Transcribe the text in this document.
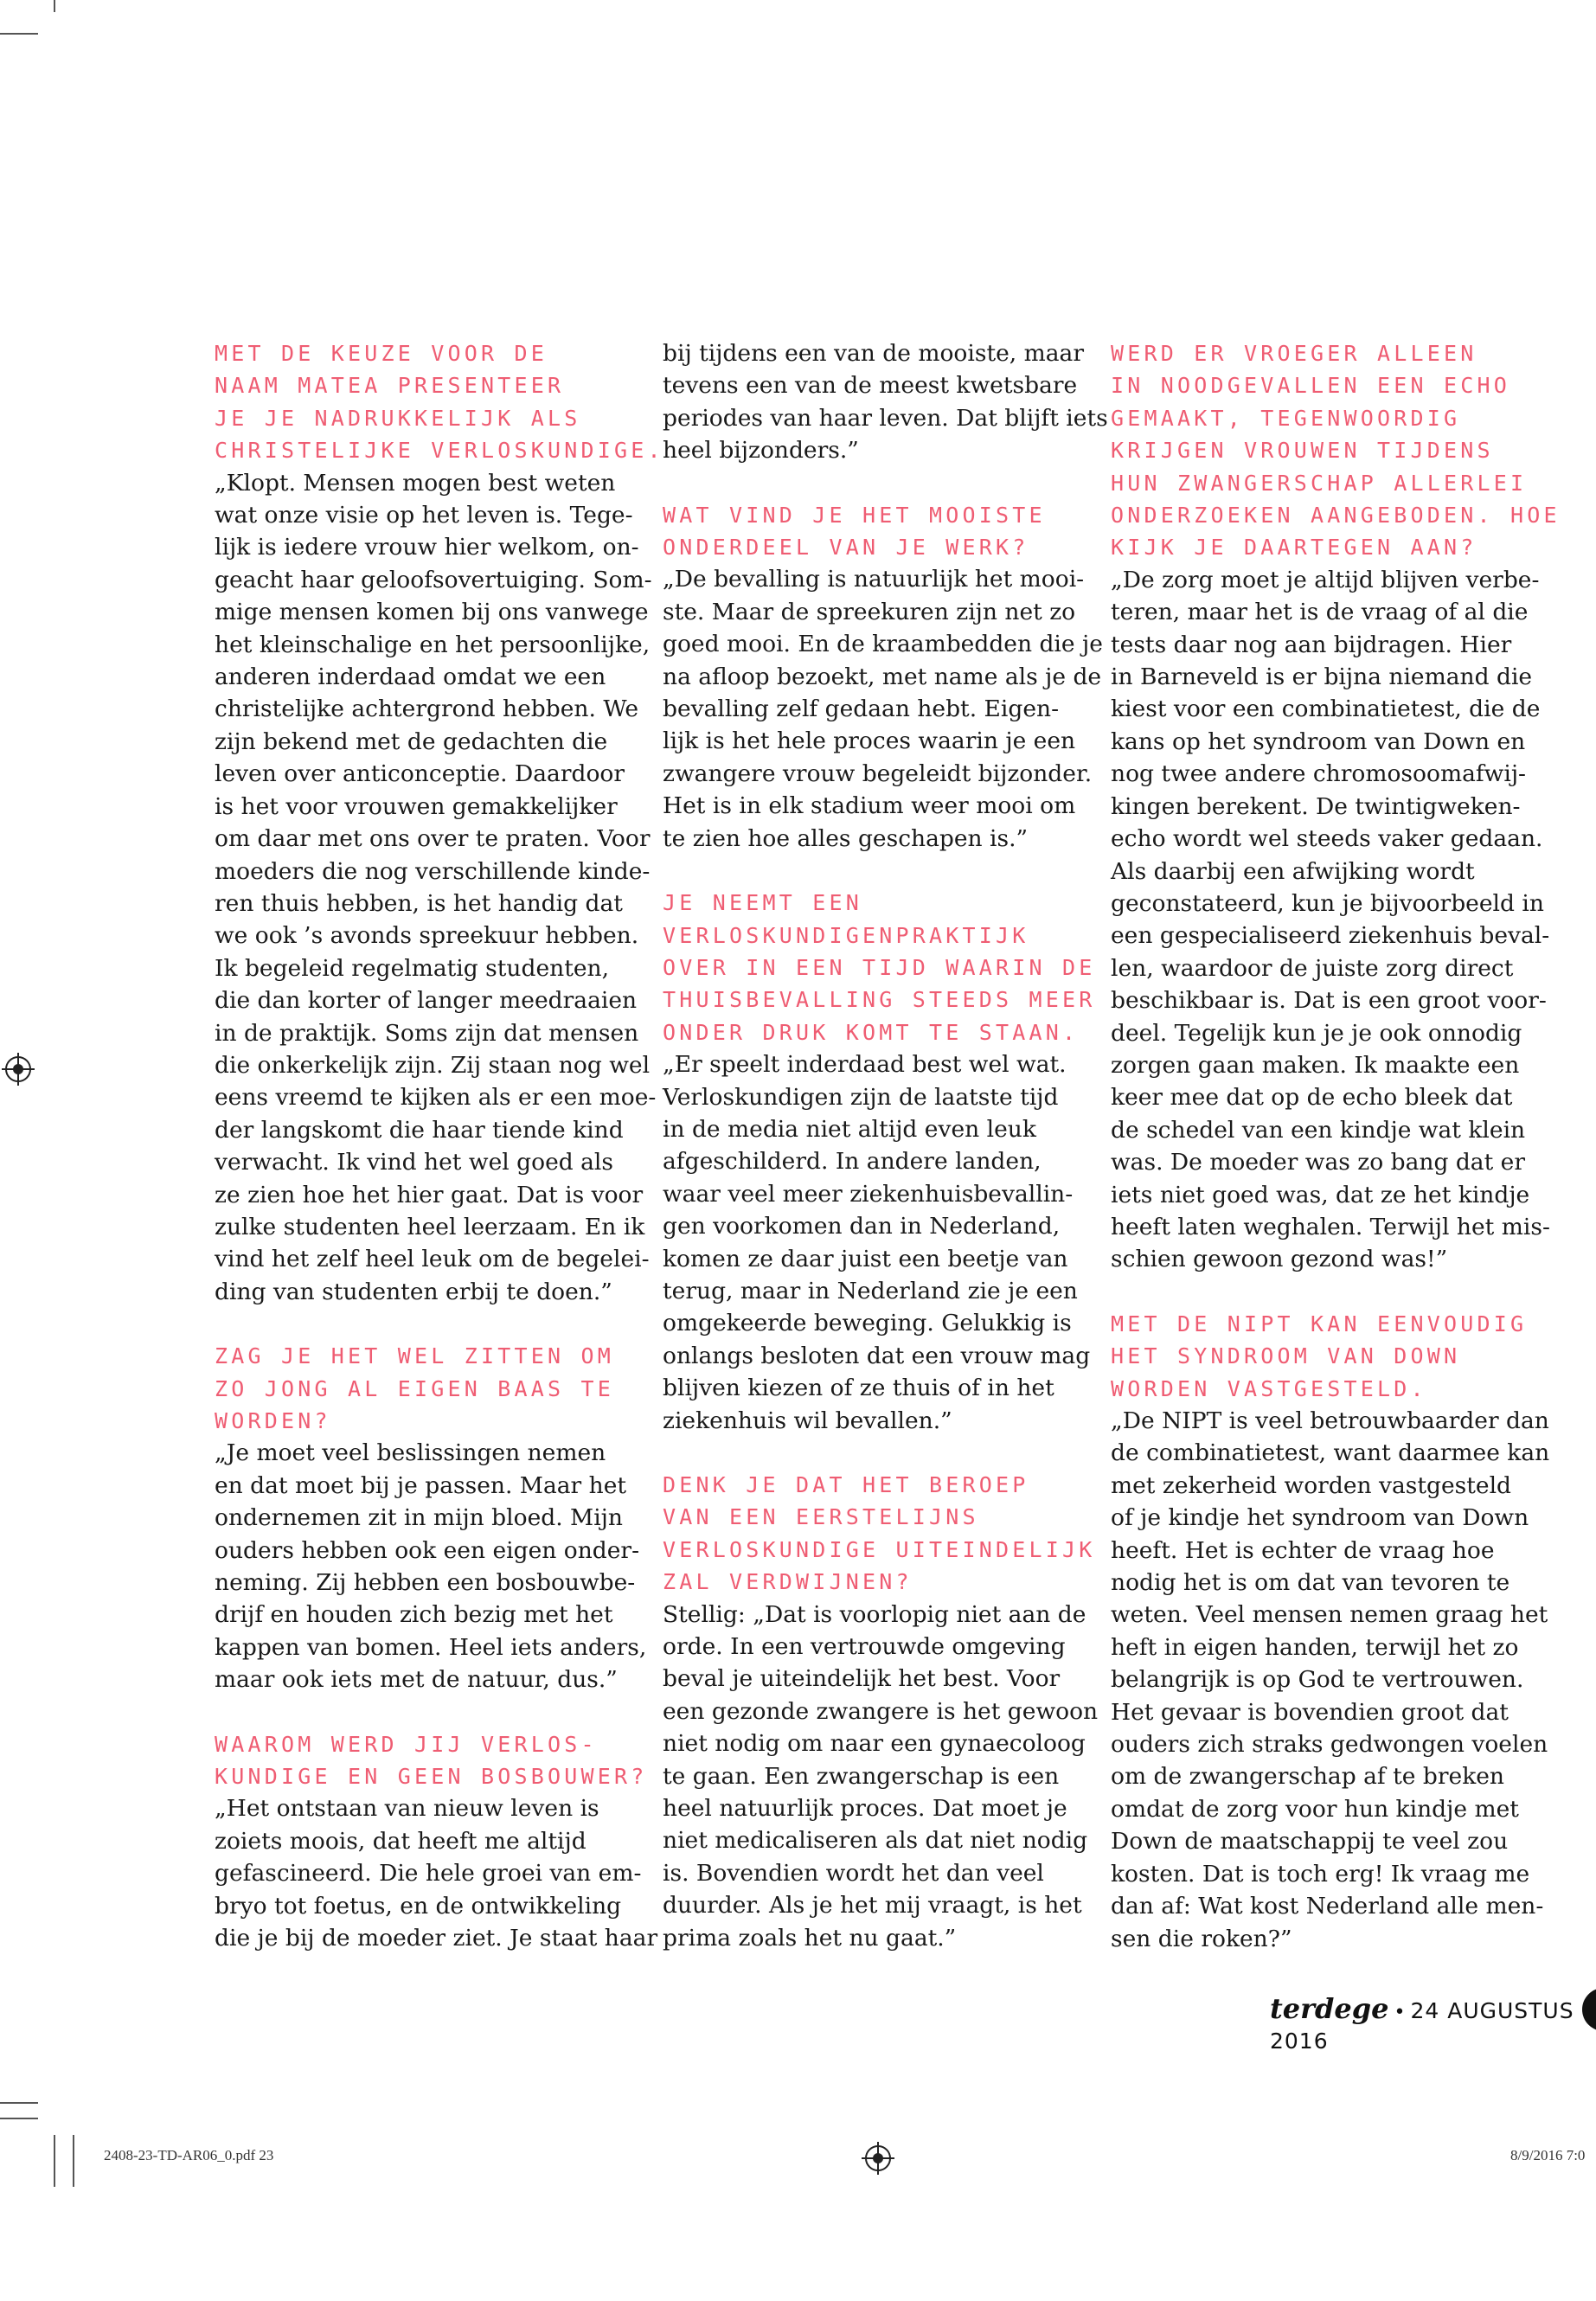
MET DE KEUZE VOOR DE
NAAM MATEA PRESENTEER
JE JE NADRUKKELIJK ALS
CHRISTELIJKE VERLOSKUNDIGE.

„Klopt. Mensen mogen best weten
wat onze visie op het leven is. Tege-
lijk is iedere vrouw hier welkom, on-
geacht haar geloofsovertuiging. Som-
mige mensen komen bij ons vanwege
het kleinschalige en het persoonlijke,
anderen inderdaad omdat we een
christelijke achtergrond hebben. We
zijn bekend met de gedachten die
leven over anticonceptie. Daardoor
is het voor vrouwen gemakkelijker
om daar met ons over te praten. Voor
moeders die nog verschillende kinde-
ren thuis hebben, is het handig dat
we ook ’s avonds spreekuur hebben.
Ik begeleid regelmatig studenten,
die dan korter of langer meedraaien
in de praktijk. Soms zijn dat mensen
die onkerkelijk zijn. Zij staan nog wel
eens vreemd te kijken als er een moe-
der langskomt die haar tiende kind
verwacht. Ik vind het wel goed als
ze zien hoe het hier gaat. Dat is voor
zulke studenten heel leerzaam. En ik
vind het zelf heel leuk om de begelei-
ding van studenten erbij te doen.”

ZAG JE HET WEL ZITTEN OM
ZO JONG AL EIGEN BAAS TE
WORDEN?

„Je moet veel beslissingen nemen
en dat moet bij je passen. Maar het
ondernemen zit in mijn bloed. Mijn
ouders hebben ook een eigen onder-
neming. Zij hebben een bosbouwbe-
drijf en houden zich bezig met het
kappen van bomen. Heel iets anders,
maar ook iets met de natuur, dus.”

WAAROM WERD JIJ VERLOS-
KUNDIGE EN GEEN BOSBOUWER?

„Het ontstaan van nieuw leven is
zoiets moois, dat heeft me altijd
gefascineerd. Die hele groei van em-
bryo tot foetus, en de ontwikkeling
die je bij de moeder ziet. Je staat haar

bij tijdens een van de mooiste, maar
tevens een van de meest kwetsbare
periodes van haar leven. Dat blijft iets
heel bijzonders.”

WAT VIND JE HET MOOISTE
ONDERDEEL VAN JE WERK?

„De bevalling is natuurlijk het mooi-
ste. Maar de spreekuren zijn net zo
goed mooi. En de kraambedden die je
na afloop bezoekt, met name als je de
bevalling zelf gedaan hebt. Eigen-
lijk is het hele proces waarin je een
zwangere vrouw begeleidt bijzonder.
Het is in elk stadium weer mooi om
te zien hoe alles geschapen is.”

JE NEEMT EEN
VERLOSKUNDIGENPRAKTIJK
OVER IN EEN TIJD WAARIN DE
THUISBEVALLING STEEDS MEER
ONDER DRUK KOMT TE STAAN.

„Er speelt inderdaad best wel wat.
Verloskundigen zijn de laatste tijd
in de media niet altijd even leuk
afgeschilderd. In andere landen,
waar veel meer ziekenhuisbevallin-
gen voorkomen dan in Nederland,
komen ze daar juist een beetje van
terug, maar in Nederland zie je een
omgekeerde beweging. Gelukkig is
onlangs besloten dat een vrouw mag
blijven kiezen of ze thuis of in het
ziekenhuis wil bevallen.”

DENK JE DAT HET BEROEP
VAN EEN EERSTELIJNS
VERLOSKUNDIGE UITEINDELIJK
ZAL VERDWIJNEN?

Stellig: „Dat is voorlopig niet aan de
orde. In een vertrouwde omgeving
beval je uiteindelijk het best. Voor
een gezonde zwangere is het gewoon
niet nodig om naar een gynaecoloog
te gaan. Een zwangerschap is een
heel natuurlijk proces. Dat moet je
niet medicaliseren als dat niet nodig
is. Bovendien wordt het dan veel
duurder. Als je het mij vraagt, is het
prima zoals het nu gaat.”

WERD ER VROEGER ALLEEN
IN NOODGEVALLEN EEN ECHO
GEMAAKT, TEGENWOORDIG
KRIJGEN VROUWEN TIJDENS
HUN ZWANGERSCHAP ALLERLEI
ONDERZOEKEN AANGEBODEN. HOE
KIJK JE DAARTEGEN AAN?

„De zorg moet je altijd blijven verbe-
teren, maar het is de vraag of al die
tests daar nog aan bijdragen. Hier
in Barneveld is er bijna niemand die
kiest voor een combinatietest, die de
kans op het syndroom van Down en
nog twee andere chromosoomafwij-
kingen berekent. De twintigweken-
echo wordt wel steeds vaker gedaan.
Als daarbij een afwijking wordt
geconstateerd, kun je bijvoorbeeld in
een gespecialiseerd ziekenhuis beval-
len, waardoor de juiste zorg direct
beschikbaar is. Dat is een groot voor-
deel. Tegelijk kun je je ook onnodig
zorgen gaan maken. Ik maakte een
keer mee dat op de echo bleek dat
de schedel van een kindje wat klein
was. De moeder was zo bang dat er
iets niet goed was, dat ze het kindje
heeft laten weghalen. Terwijl het mis-
schien gewoon gezond was!”

MET DE NIPT KAN EENVOUDIG
HET SYNDROOM VAN DOWN
WORDEN VASTGESTELD.

„De NIPT is veel betrouwbaarder dan
de combinatietest, want daarmee kan
met zekerheid worden vastgesteld
of je kindje het syndroom van Down
heeft. Het is echter de vraag hoe
nodig het is om dat van tevoren te
weten. Veel mensen nemen graag het
heft in eigen handen, terwijl het zo
belangrijk is op God te vertrouwen.
Het gevaar is bovendien groot dat
ouders zich straks gedwongen voelen
om de zwangerschap af te breken
omdat de zorg voor hun kindje met
Down de maatschappij te veel zou
kosten. Dat is toch erg! Ik vraag me
dan af: Wat kost Nederland alle men-
sen die roken?”

terdege • 24 AUGUSTUS 2016
2408-23-TD-AR06_0.pdf 23	8/9/2016 7:0
